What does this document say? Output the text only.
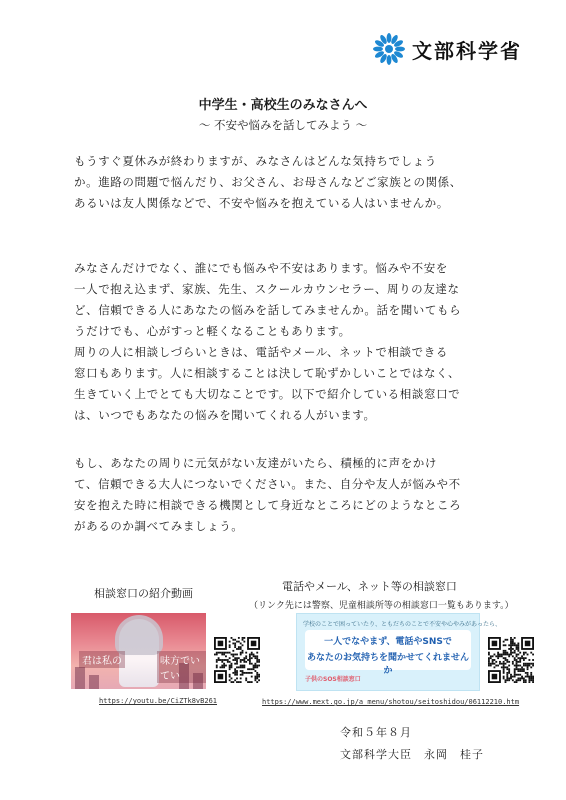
文部科学省
中学生・高校生のみなさんへ
〜 不安や悩みを話してみよう 〜

もうすぐ夏休みが終わりますが、みなさんはどんな気持ちでしょう

か。進路の問題で悩んだり、お父さん、お母さんなどご家族との関係、

あるいは友人関係などで、不安や悩みを抱えている人はいませんか。

みなさんだけでなく、誰にでも悩みや不安はあります。悩みや不安を

一人で抱え込まず、家族、先生、スクールカウンセラー、周りの友達な

ど、信頼できる人にあなたの悩みを話してみませんか。話を聞いてもら

うだけでも、心がすっと軽くなることもあります。

周りの人に相談しづらいときは、電話やメール、ネットで相談できる

窓口もあります。人に相談することは決して恥ずかしいことではなく、

生きていく上でとても大切なことです。以下で紹介している相談窓口で

は、いつでもあなたの悩みを聞いてくれる人がいます。

もし、あなたの周りに元気がない友達がいたら、積極的に声をかけ

て、信頼できる大人につないでください。また、自分や友人が悩みや不

安を抱えた時に相談できる機関として身近なところにどのようなところ

があるのか調べてみましょう。

相談窓口の紹介動画
君は私の	味方でいてい
https://youtu.be/CiZTk8vB261
電話やメール、ネット等の相談窓口
（リンク先には警察、児童相談所等の相談窓口一覧もあります。）
学校のことで困っていたり、ともだちのことで不安や心やみがあったら、
一人でなやまず、電話やSNSで
あなたのお気持ちを聞かせてくれませんか
子供のSOS相談窓口
https://www.mext.go.jp/a_menu/shotou/seitoshidou/06112210.htm
令和５年８月
文部科学大臣　永岡　桂子
